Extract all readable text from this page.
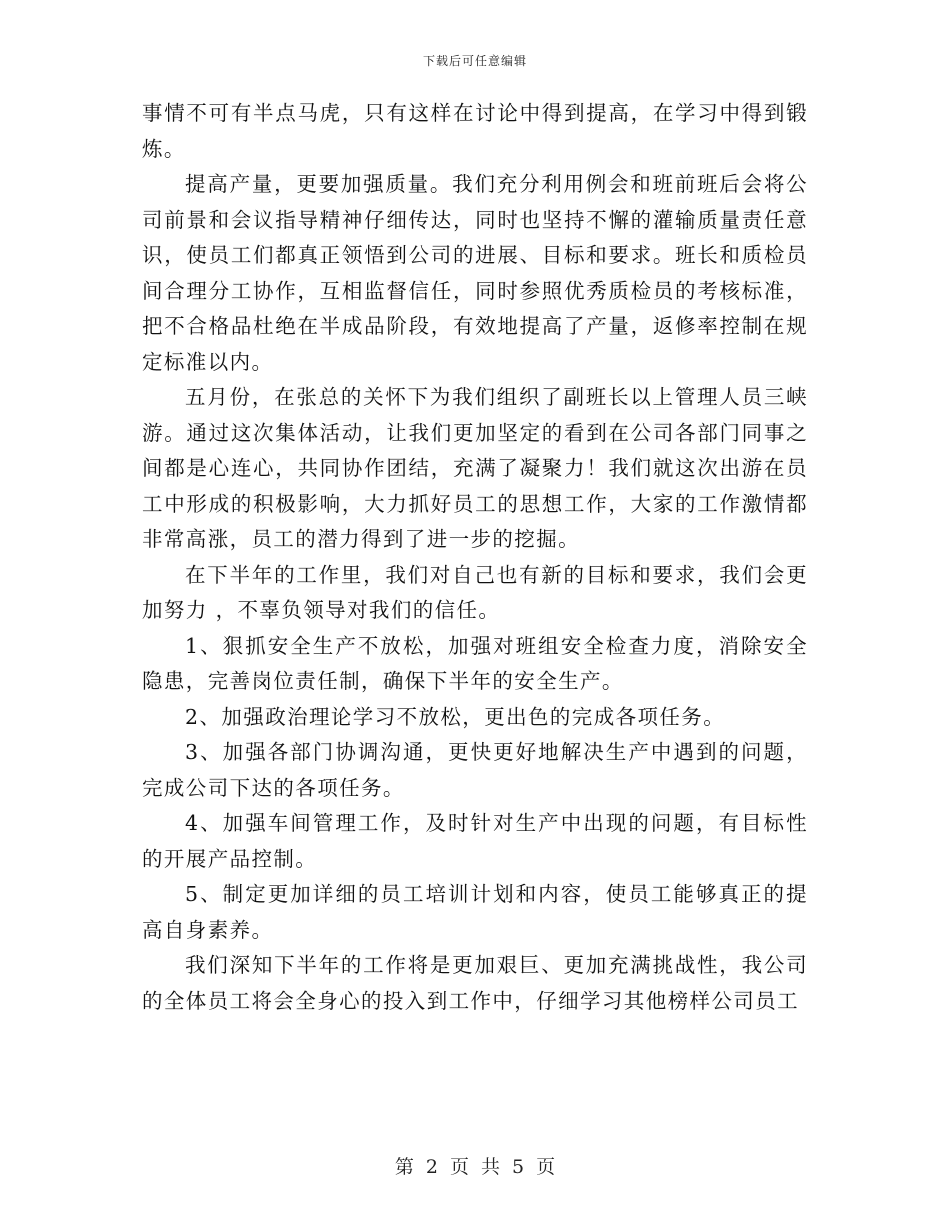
下载后可任意编辑

事情不可有半点马虎，只有这样在讨论中得到提高，在学习中得到锻炼。

提高产量，更要加强质量。我们充分利用例会和班前班后会将公司前景和会议指导精神仔细传达，同时也坚持不懈的灌输质量责任意识，使员工们都真正领悟到公司的进展、目标和要求。班长和质检员间合理分工协作，互相监督信任，同时参照优秀质检员的考核标准，把不合格品杜绝在半成品阶段，有效地提高了产量，返修率控制在规定标准以内。

五月份，在张总的关怀下为我们组织了副班长以上管理人员三峡游。通过这次集体活动，让我们更加坚定的看到在公司各部门同事之间都是心连心，共同协作团结，充满了凝聚力！我们就这次出游在员工中形成的积极影响，大力抓好员工的思想工作，大家的工作激情都非常高涨，员工的潜力得到了进一步的挖掘。

在下半年的工作里，我们对自己也有新的目标和要求，我们会更加努力 ，不辜负领导对我们的信任。

1、狠抓安全生产不放松，加强对班组安全检查力度，消除安全隐患，完善岗位责任制，确保下半年的安全生产。

2、加强政治理论学习不放松，更出色的完成各项任务。

3、加强各部门协调沟通，更快更好地解决生产中遇到的问题，完成公司下达的各项任务。

4、加强车间管理工作，及时针对生产中出现的问题，有目标性的开展产品控制。

5、制定更加详细的员工培训计划和内容，使员工能够真正的提高自身素养。

我们深知下半年的工作将是更加艰巨、更加充满挑战性，我公司的全体员工将会全身心的投入到工作中，仔细学习其他榜样公司员工

第 2 页 共 5 页
